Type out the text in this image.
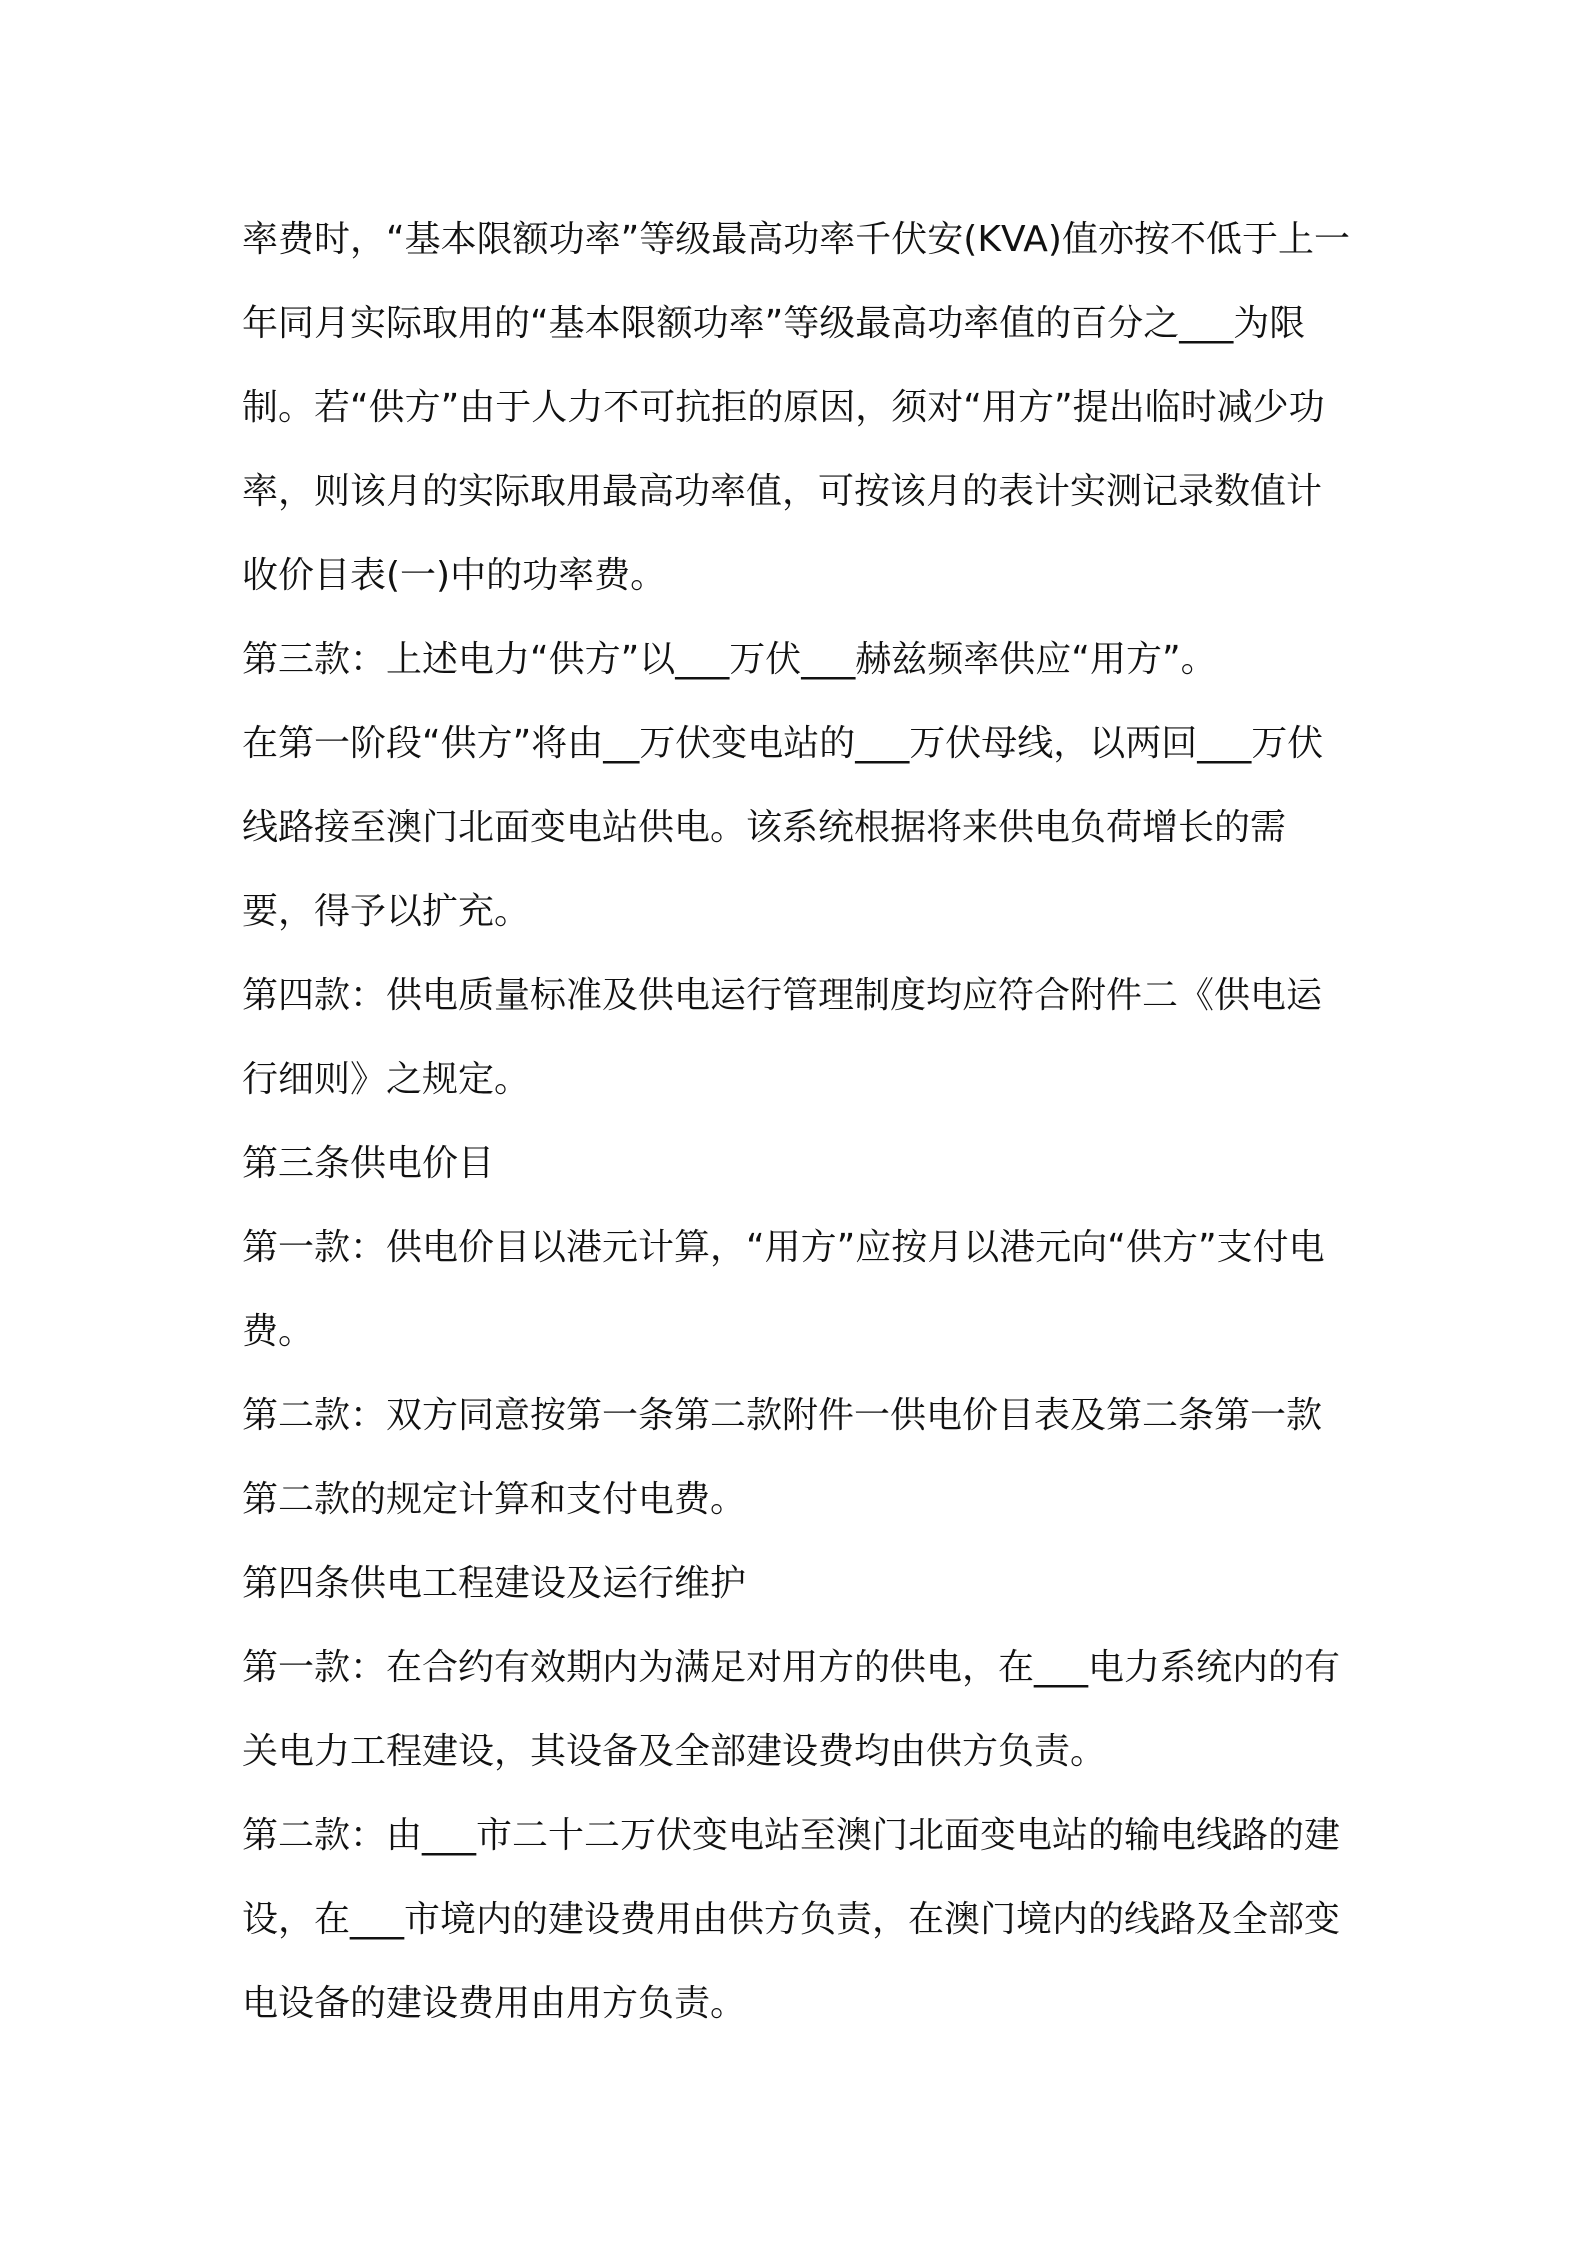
率费时，“基本限额功率”等级最高功率千伏安(KVA)值亦按不低于上一年同月实际取用的“基本限额功率”等级最高功率值的百分之___为限制。若“供方”由于人力不可抗拒的原因，须对“用方”提出临时减少功率，则该月的实际取用最高功率值，可按该月的表计实测记录数值计收价目表(一)中的功率费。

第三款：上述电力“供方”以___万伏___赫兹频率供应“用方”。

在第一阶段“供方”将由__万伏变电站的___万伏母线，以两回___万伏线路接至澳门北面变电站供电。该系统根据将来供电负荷增长的需要，得予以扩充。

第四款：供电质量标准及供电运行管理制度均应符合附件二《供电运行细则》之规定。

第三条供电价目

第一款：供电价目以港元计算，“用方”应按月以港元向“供方”支付电费。

第二款：双方同意按第一条第二款附件一供电价目表及第二条第一款第二款的规定计算和支付电费。

第四条供电工程建设及运行维护

第一款：在合约有效期内为满足对用方的供电，在___电力系统内的有关电力工程建设，其设备及全部建设费均由供方负责。

第二款：由___市二十二万伏变电站至澳门北面变电站的输电线路的建设，在___市境内的建设费用由供方负责，在澳门境内的线路及全部变电设备的建设费用由用方负责。
